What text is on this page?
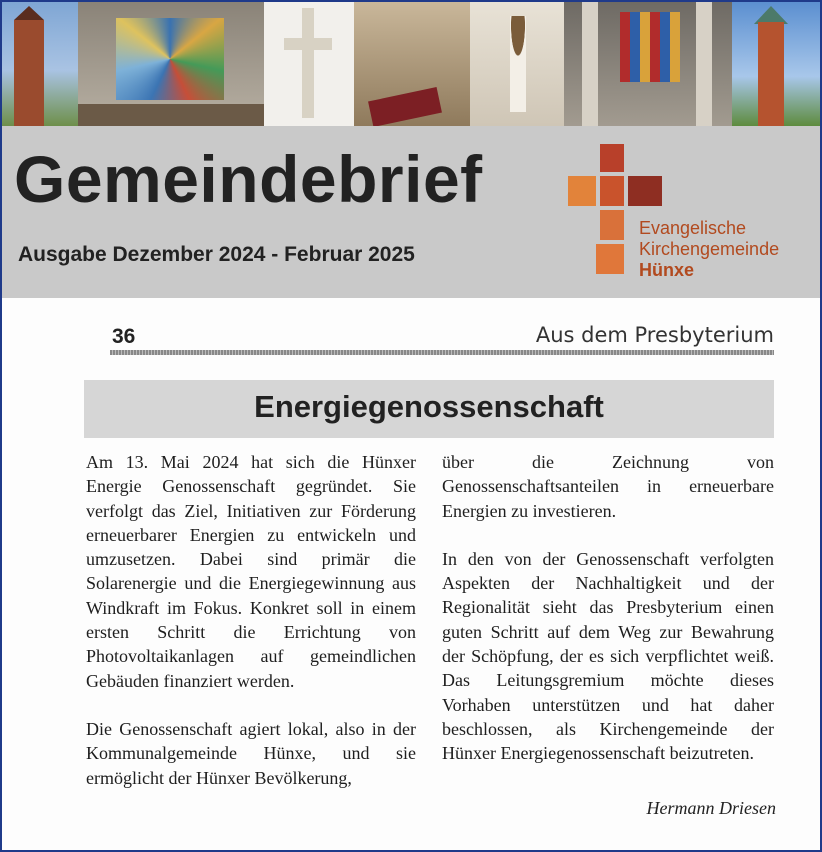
Gemeindebrief
Ausgabe Dezember 2024 - Februar 2025
Evangelische
Kirchengemeinde
Hünxe
36	Aus dem Presbyterium
Energiegenossenschaft

Am 13. Mai 2024 hat sich die Hünxer Energie Genossenschaft gegründet. Sie verfolgt das Ziel, Initiativen zur Förderung erneuerbarer Energien zu entwickeln und umzusetzen. Dabei sind primär die Solarenergie und die Energiegewinnung aus Windkraft im Fokus. Konkret soll in einem ersten Schritt die Errichtung von Photovoltaikanlagen auf gemeindlichen Gebäuden finanziert werden.

Die Genossenschaft agiert lokal, also in der Kommunalgemeinde Hünxe, und sie ermöglicht der Hünxer Bevölkerung,

über die Zeichnung von Genossenschaftsanteilen in erneuerbare Energien zu investieren.

In den von der Genossenschaft verfolgten Aspekten der Nachhaltigkeit und der Regionalität sieht das Presbyterium einen guten Schritt auf dem Weg zur Bewahrung der Schöpfung, der es sich verpflichtet weiß. Das Leitungsgremium möchte dieses Vorhaben unterstützen und hat daher beschlossen, als Kirchengemeinde der Hünxer Energiegenossenschaft beizutreten.

Hermann Driesen
